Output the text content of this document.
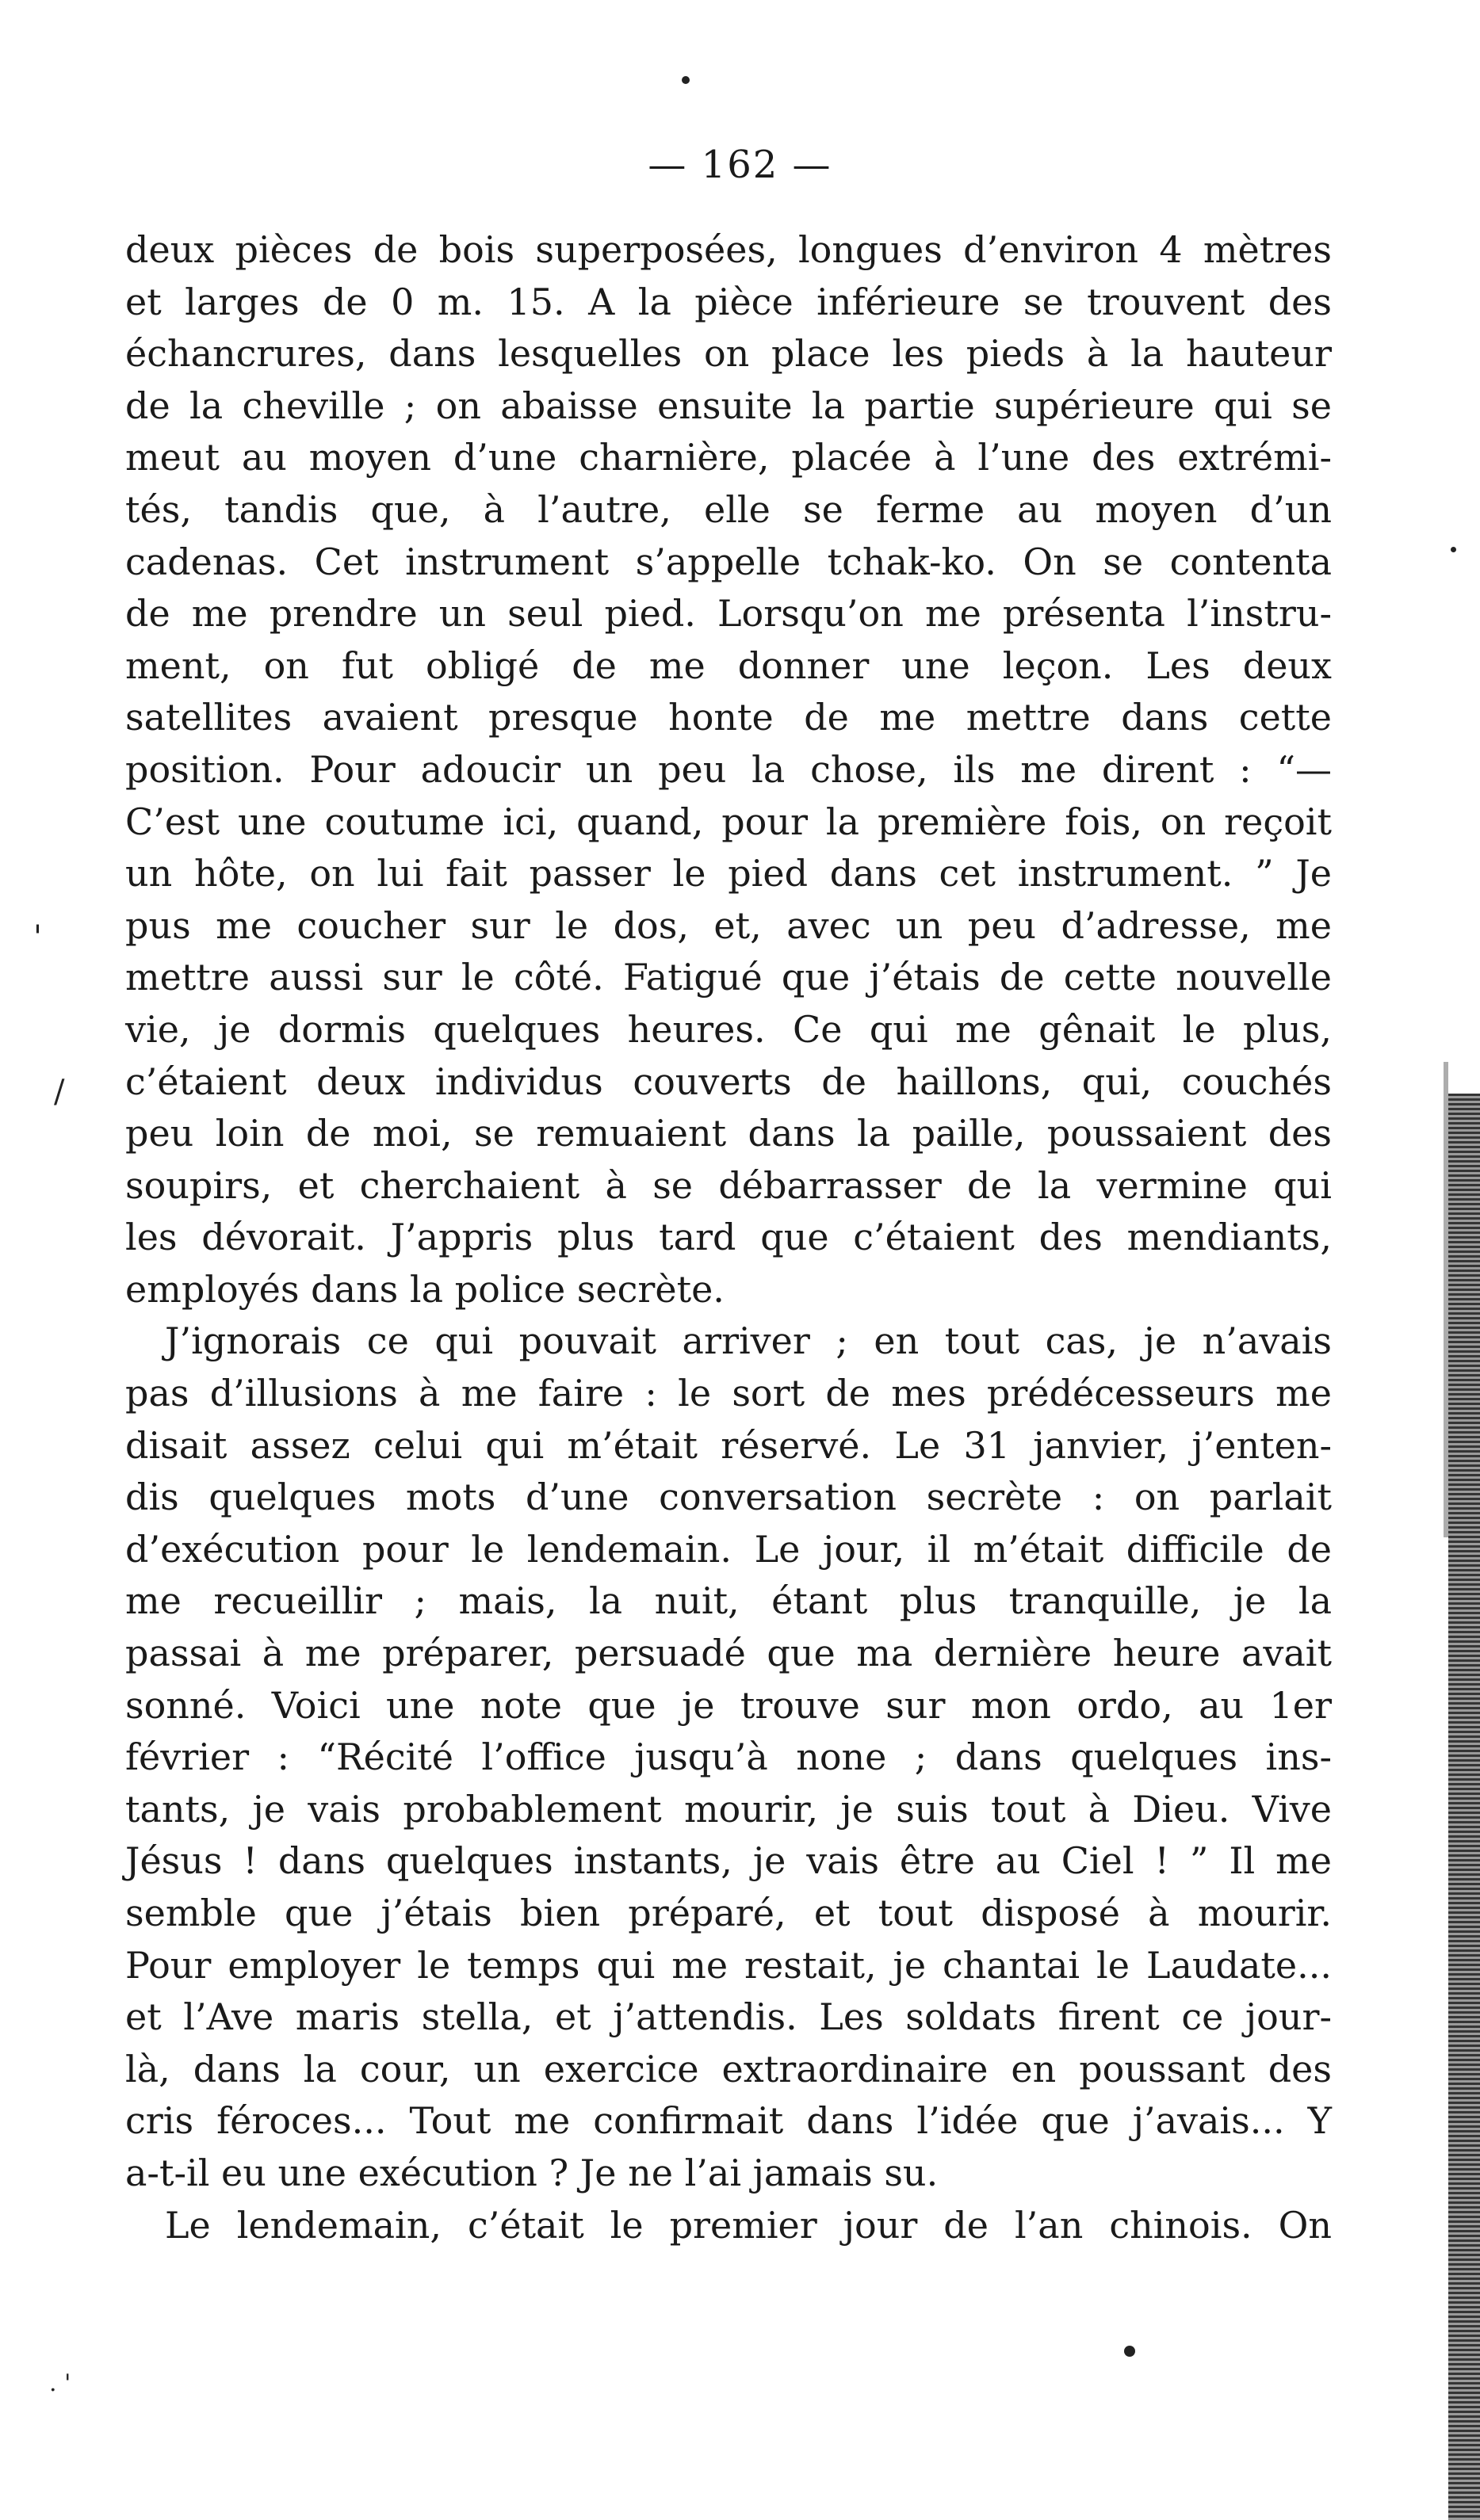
— 162 —
deux pièces de bois superposées, longues d’environ 4 mètres
et larges de 0 m. 15. A la pièce inférieure se trouvent des
échancrures, dans lesquelles on place les pieds à la hauteur
de la cheville ; on abaisse ensuite la partie supérieure qui se
meut au moyen d’une charnière, placée à l’une des extrémi-
tés, tandis que, à l’autre, elle se ferme au moyen d’un
cadenas. Cet instrument s’appelle tchak-ko. On se contenta
de me prendre un seul pied. Lorsqu’on me présenta l’instru-
ment, on fut obligé de me donner une leçon. Les deux
satellites avaient presque honte de me mettre dans cette
position. Pour adoucir un peu la chose, ils me dirent : “—
C’est une coutume ici, quand, pour la première fois, on reçoit
un hôte, on lui fait passer le pied dans cet instrument. ” Je
pus me coucher sur le dos, et, avec un peu d’adresse, me
mettre aussi sur le côté. Fatigué que j’étais de cette nouvelle
vie, je dormis quelques heures. Ce qui me gênait le plus,
c’étaient deux individus couverts de haillons, qui, couchés
peu loin de moi, se remuaient dans la paille, poussaient des
soupirs, et cherchaient à se débarrasser de la vermine qui
les dévorait. J’appris plus tard que c’étaient des mendiants,
employés dans la police secrète.
J’ignorais ce qui pouvait arriver ; en tout cas, je n’avais
pas d’illusions à me faire : le sort de mes prédécesseurs me
disait assez celui qui m’était réservé. Le 31 janvier, j’enten-
dis quelques mots d’une conversation secrète : on parlait
d’exécution pour le lendemain. Le jour, il m’était difficile de
me recueillir ; mais, la nuit, étant plus tranquille, je la
passai à me préparer, persuadé que ma dernière heure avait
sonné. Voici une note que je trouve sur mon ordo, au 1er
février : “Récité l’office jusqu’à none ; dans quelques ins-
tants, je vais probablement mourir, je suis tout à Dieu. Vive
Jésus ! dans quelques instants, je vais être au Ciel ! ” Il me
semble que j’étais bien préparé, et tout disposé à mourir.
Pour employer le temps qui me restait, je chantai le Laudate...
et l’Ave maris stella, et j’attendis. Les soldats firent ce jour-
là, dans la cour, un exercice extraordinaire en poussant des
cris féroces... Tout me confirmait dans l’idée que j’avais... Y
a-t-il eu une exécution ? Je ne l’ai jamais su.
Le lendemain, c’était le premier jour de l’an chinois. On
'
/
. '
